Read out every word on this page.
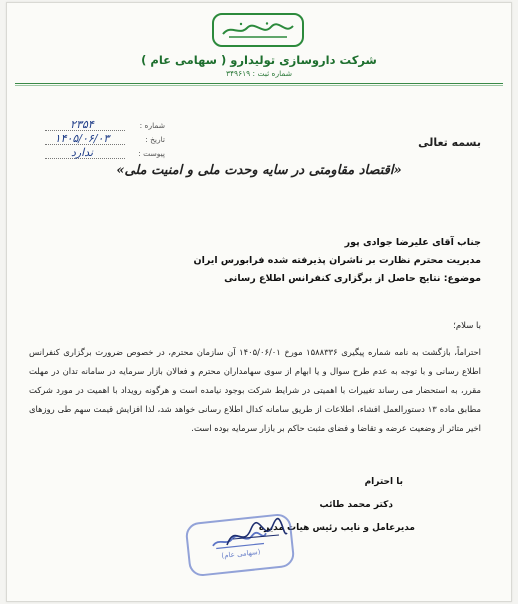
شرکت داروسازی تولیدارو ( سهامی عام )
شماره ثبت : ۳۴۹۶۱۹
شماره :
۲۳۵۴
تاریخ :
۱۴۰۵/۰۶/۰۳
پیوست :
ندارد
بسمه تعالی
«اقتصاد مقاومتی در سایه وحدت ملی و امنیت ملی»
جناب آقای علیرضا جوادی پور
مدیریت محترم نظارت بر ناشران پذیرفته شده فرابورس ایران
موضوع: نتایج حاصل از برگزاری کنفرانس اطلاع رسانی
با سلام؛
احتراماً، بازگشت به نامه شماره پیگیری ۱۵۸۸۳۳۶ مورخ ۱۴۰۵/۰۶/۰۱ آن سازمان محترم، در خصوص ضرورت برگزاری کنفرانس اطلاع رسانی و با توجه به عدم طرح سوال و یا ابهام از سوی سهامداران محترم و فعالان بازار سرمایه در سامانه تدان در مهلت مقرر، به استحضار می رساند تغییرات با اهمیتی در شرایط شرکت بوجود نیامده است و هرگونه رویداد با اهمیت در مورد شرکت مطابق ماده ۱۳ دستورالعمل افشاء، اطلاعات از طریق سامانه کدال اطلاع رسانی خواهد شد، لذا افزایش قیمت سهم طی روزهای اخیر متاثر از وضعیت عرضه و تقاضا و فضای مثبت حاکم بر بازار سرمایه بوده است.
با احترام
دکتر محمد طائب
مدیرعامل و نایب رئیس هیات مدیره
(سهامی عام)
